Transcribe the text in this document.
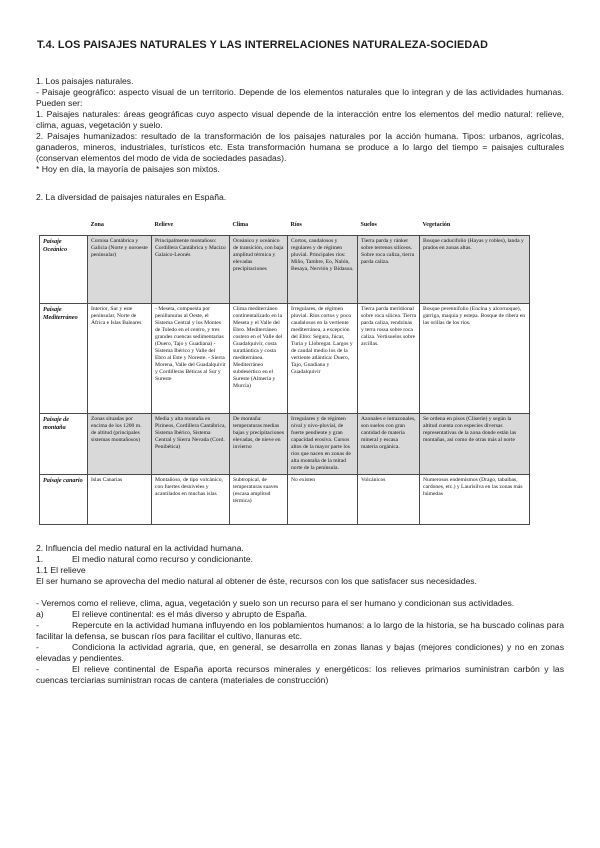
T.4. LOS PAISAJES NATURALES Y LAS INTERRELACIONES NATURALEZA-SOCIEDAD

1. Los paisajes naturales.

- Paisaje geográfico: aspecto visual de un territorio. Depende de los elementos naturales que lo integran y de las actividades humanas. Pueden ser:

1. Paisajes naturales: áreas geográficas cuyo aspecto visual depende de la interacción entre los elementos del medio natural: relieve, clima, aguas, vegetación y suelo.

2. Paisajes humanizados: resultado de la transformación de los paisajes naturales por la acción humana. Tipos: urbanos, agrícolas, ganaderos, mineros, industriales, turísticos etc. Esta transformación humana se produce a lo largo del tiempo = paisajes culturales (conservan elementos del modo de vida de sociedades pasadas).

* Hoy en día, la mayoría de paisajes son mixtos.

2. La diversidad de paisajes naturales en España.

	Zona	Relieve	Clima	Ríos	Suelos	Vegetación
Paisaje Oceánico	Cornisa Cantábrica y Galicia (Norte y noroeste peninsular)	Principalmente montañoso: Cordillera Cantábrica y Macizo Galaico-Leonés	Oceánico y oceánico de transición, con baja amplitud térmica y elevadas precipitaciones	Cortos, caudalosos y regulares y de régimen pluvial. Principales ríos: Miño, Tambre, Eo, Nalón, Besaya, Nervión y Bidasoa.	Tierra parda y ránker sobre terrenos silíceos. Sobre roca caliza, tierra parda caliza.	Bosque caducifolio (Hayas y robles), landa y prados en zonas altas.
Paisaje Mediterráneo	Interior, Sur y este peninsular, Norte de África e Islas Baleares	- Meseta, compuesta por penillanuras al Oeste, el Sistema Central y los Montes de Toledo en el centro, y tres grandes cuencas sedimentarias (Duero, Tajo y Guadiana) - Sistema Ibérico y Valle del Ebro al Este y Noreste. - Sierra Morena, Valle del Guadalquivir y Cordilleras Béticas al Sur y Sureste	Clima mediterráneo continentalizado en la Meseta y el Valle del Ebro. Mediterráneo costero en el Valle del Guadalquivir, costa suratlántica y costa mediterránea. Mediterráneo subdesértico en el Sureste (Almería y Murcia)	Irregulares, de régimen pluvial. Ríos cortos y poco caudalosos en la vertiente mediterránea, a excepción del Ebro: Segura, Júcar, Turia y Llobregat. Largos y de caudal medio los de la vertiente atlántica: Duero, Tajo, Guadiana y Guadalquivir	Tierra parda meridional sobre roca silícea. Tierra parda caliza, rendzinas y terra rossa sobre roca caliza. Vertisuelos sobre arcillas.	Bosque perennifolio (Encina y alcornoque), garriga, maquia y estepa. Bosque de ribera en las orillas de los ríos.
Paisaje de montaña	Zonas situadas por encima de los 1200 m. de altitud (principales sistemas montañosos)	Media y alta montaña en Pirineos, Cordillera Cantábrica, Sistema Ibérico, Sistema Central y Sierra Nevada (Cord. Penibética)	De montaña: temperaturas medias bajas y precipitaciones elevadas, de nieve en invierno	Irregulares y de régimen nival y nivo-pluvial, de fuerte pendiente y gran capacidad erosiva. Cursos altos de la mayor parte los ríos que nacen en zonas de alta montaña de la mitad norte de la península.	Azonales e intrazonales, son suelos con gran cantidad de materia mineral y escasa materia orgánica.	Se ordena en pisos (Cliserie) y según la altitud cuenta con especies diversas representativas de la zona donde están las montañas, así como de otras más al norte
Paisaje canario	Islas Canarias	Montañoso, de tipo volcánico, con fuertes desniveles y acantilados en muchas islas	Subtropical, de temperaturas suaves (escasa amplitud térmica)	No existen	Volcánicos	Numerosos endemismos (Drago, tabaibas, cardones, etc.) y Laurisilva en las zonas más húmedas

2. Influencia del medio natural en la actividad humana.

1.	El medio natural como recurso y condicionante.

1.1 El relieve

El ser humano se aprovecha del medio natural al obtener de éste, recursos con los que satisfacer sus necesidades.

- Veremos como el relieve, clima, agua, vegetación y suelo son un recurso para el ser humano y condicionan sus actividades.

a)	El relieve continental: es el más diverso y abrupto de España.

-	Repercute en la actividad humana influyendo en los poblamientos humanos: a lo largo de la historia, se ha buscado colinas para facilitar la defensa, se buscan ríos para facilitar el cultivo, llanuras etc.

-	Condiciona la actividad agraria, que, en general, se desarrolla en zonas llanas y bajas (mejores condiciones) y no en zonas elevadas y pendientes.

-	El relieve continental de España aporta recursos minerales y energéticos: los relieves primarios suministran carbón y las cuencas terciarias suministran rocas de cantera (materiales de construcción)
